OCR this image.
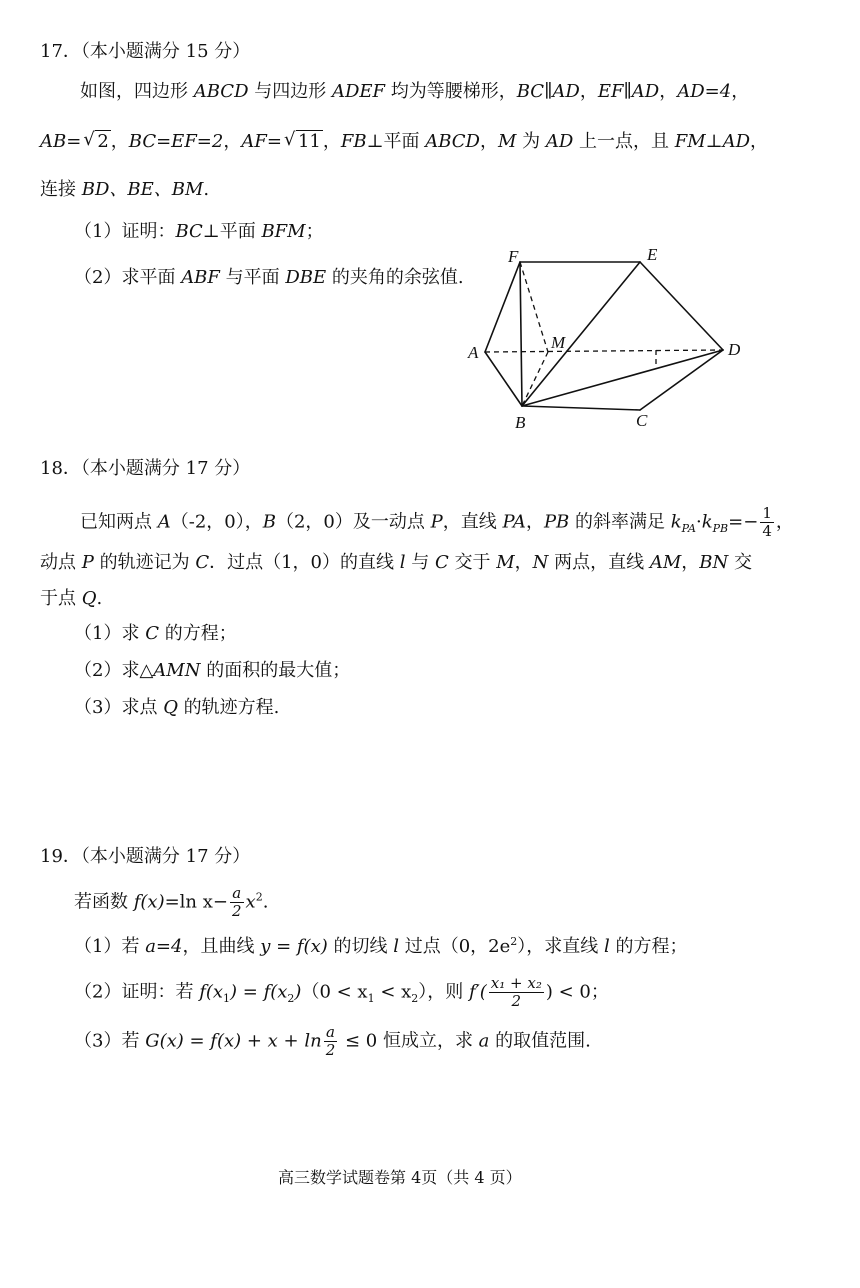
17．（本小题满分 15 分）
如图，四边形 ABCD 与四边形 ADEF 均为等腰梯形，BC∥AD，EF∥AD，AD=4，
AB= √ 2 ，BC=EF=2，AF= √ 11 ，FB⊥平面 ABCD，M 为 AD 上一点，且 FM⊥AD，
连接 BD、BE、BM.
（1）证明：BC⊥平面 BFM；
（2）求平面 ABF 与平面 DBE 的夹角的余弦值.
F	E
A
M	D
B	C
18．（本小题满分 17 分）
已知两点 A（-2，0），B（2，0）及一动点 P，直线 PA，PB 的斜率满足 $k_{PA}\cdot k_{PB}=- \frac{1}{4}$ ，
动点 P 的轨迹记为 C．过点（1，0）的直线 l 与 C 交于 M，N 两点，直线 AM，BN 交
于点 Q.
（1）求 C 的方程；
（2）求△AMN 的面积的最大值；
（3）求点 Q 的轨迹方程.
19．（本小题满分 17 分）
若函数 f(x)=ln $x- \frac{a}{2} x^2$.
（1）若 a=4，且曲线 y = f(x) 的切线 l 过点（0，$2e^2$），求直线 l 的方程；
（2）证明：若 $f(x_1) = f(x_2)(0 < x_1 < x_2)$，则 $f'( \frac{\text{x₁ + x₂}}{2}$ ) < 0；
（3）若 $G(x) = f(x) + x + \ln \frac{a}{2} \le 0$ 恒成立，求 a 的取值范围.
高三数学试题卷第 4页（共 4 页）
